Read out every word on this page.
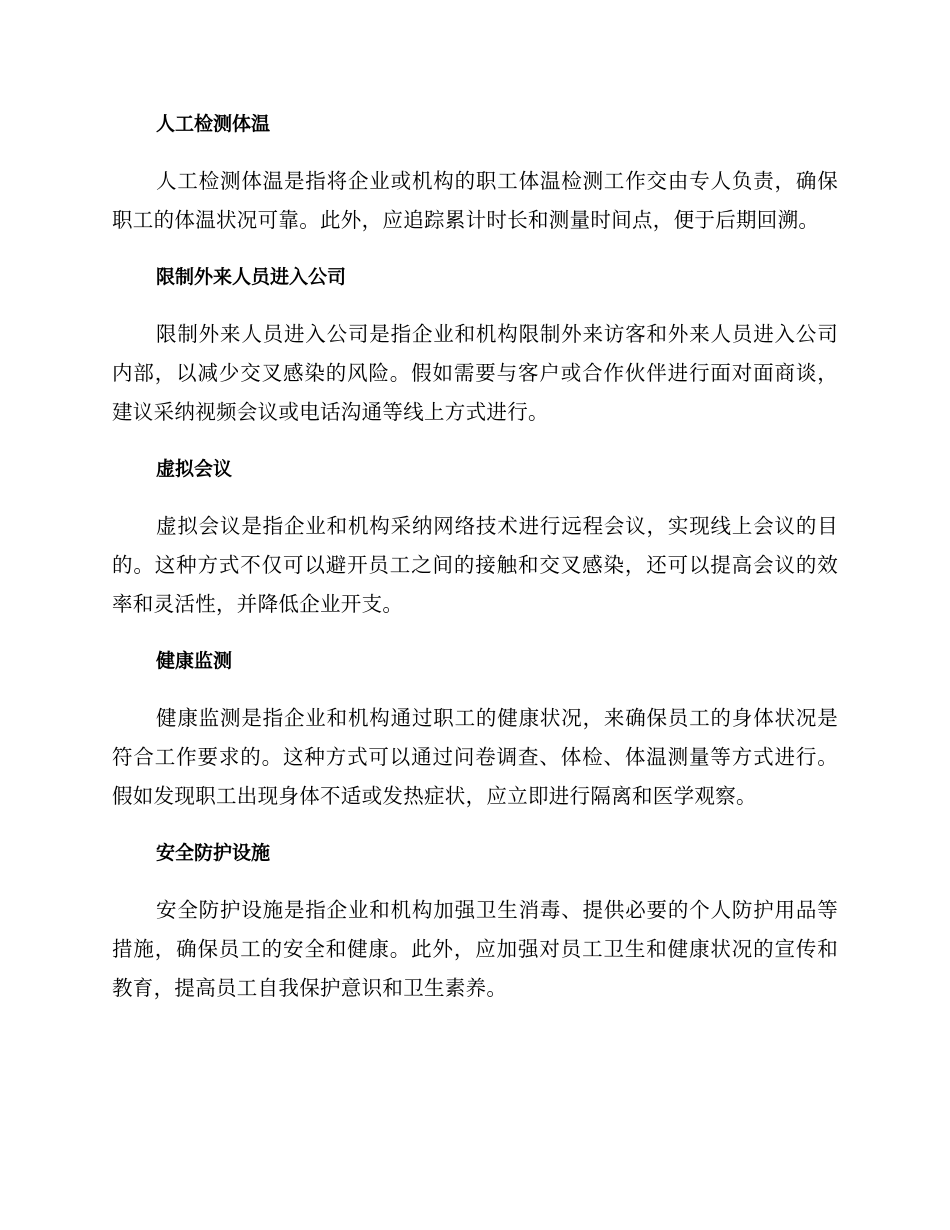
人工检测体温

人工检测体温是指将企业或机构的职工体温检测工作交由专人负责，确保职工的体温状况可靠。此外，应追踪累计时长和测量时间点，便于后期回溯。

限制外来人员进入公司

限制外来人员进入公司是指企业和机构限制外来访客和外来人员进入公司内部，以减少交叉感染的风险。假如需要与客户或合作伙伴进行面对面商谈，建议采纳视频会议或电话沟通等线上方式进行。

虚拟会议

虚拟会议是指企业和机构采纳网络技术进行远程会议，实现线上会议的目的。这种方式不仅可以避开员工之间的接触和交叉感染，还可以提高会议的效率和灵活性，并降低企业开支。

健康监测

健康监测是指企业和机构通过职工的健康状况，来确保员工的身体状况是符合工作要求的。这种方式可以通过问卷调查、体检、体温测量等方式进行。假如发现职工出现身体不适或发热症状，应立即进行隔离和医学观察。

安全防护设施

安全防护设施是指企业和机构加强卫生消毒、提供必要的个人防护用品等措施，确保员工的安全和健康。此外，应加强对员工卫生和健康状况的宣传和教育，提高员工自我保护意识和卫生素养。
